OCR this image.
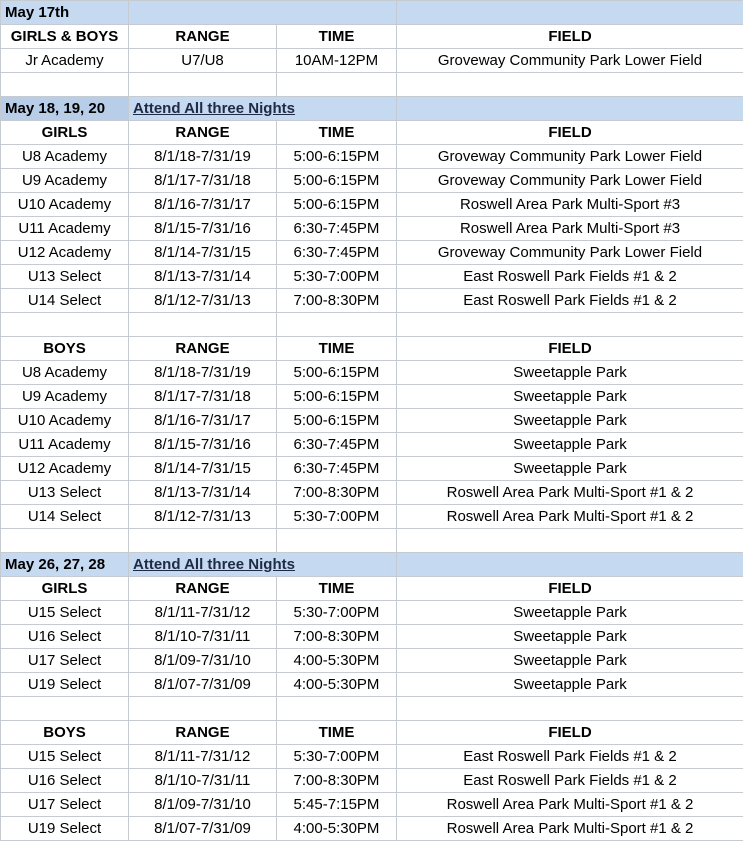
May 17th			
GIRLS & BOYS	RANGE	TIME	FIELD
Jr Academy	U7/U8	10AM-12PM	Groveway Community Park Lower Field

May 18, 19, 20	Attend All three Nights		
GIRLS	RANGE	TIME	FIELD
U8 Academy	8/1/18-7/31/19	5:00-6:15PM	Groveway Community Park Lower Field
U9 Academy	8/1/17-7/31/18	5:00-6:15PM	Groveway Community Park Lower Field
U10 Academy	8/1/16-7/31/17	5:00-6:15PM	Roswell Area Park Multi-Sport #3
U11 Academy	8/1/15-7/31/16	6:30-7:45PM	Roswell Area Park Multi-Sport #3
U12 Academy	8/1/14-7/31/15	6:30-7:45PM	Groveway Community Park Lower Field
U13 Select	8/1/13-7/31/14	5:30-7:00PM	East Roswell Park Fields #1 & 2
U14 Select	8/1/12-7/31/13	7:00-8:30PM	East Roswell Park Fields #1 & 2

BOYS	RANGE	TIME	FIELD
U8 Academy	8/1/18-7/31/19	5:00-6:15PM	Sweetapple Park
U9 Academy	8/1/17-7/31/18	5:00-6:15PM	Sweetapple Park
U10 Academy	8/1/16-7/31/17	5:00-6:15PM	Sweetapple Park
U11 Academy	8/1/15-7/31/16	6:30-7:45PM	Sweetapple Park
U12 Academy	8/1/14-7/31/15	6:30-7:45PM	Sweetapple Park
U13 Select	8/1/13-7/31/14	7:00-8:30PM	Roswell Area Park Multi-Sport #1 & 2
U14 Select	8/1/12-7/31/13	5:30-7:00PM	Roswell Area Park Multi-Sport #1 & 2

May 26, 27, 28	Attend All three Nights		
GIRLS	RANGE	TIME	FIELD
U15 Select	8/1/11-7/31/12	5:30-7:00PM	Sweetapple Park
U16 Select	8/1/10-7/31/11	7:00-8:30PM	Sweetapple Park
U17 Select	8/1/09-7/31/10	4:00-5:30PM	Sweetapple Park
U19 Select	8/1/07-7/31/09	4:00-5:30PM	Sweetapple Park

BOYS	RANGE	TIME	FIELD
U15 Select	8/1/11-7/31/12	5:30-7:00PM	East Roswell Park Fields #1 & 2
U16 Select	8/1/10-7/31/11	7:00-8:30PM	East Roswell Park Fields #1 & 2
U17 Select	8/1/09-7/31/10	5:45-7:15PM	Roswell Area Park Multi-Sport #1 & 2
U19 Select	8/1/07-7/31/09	4:00-5:30PM	Roswell Area Park Multi-Sport #1 & 2
